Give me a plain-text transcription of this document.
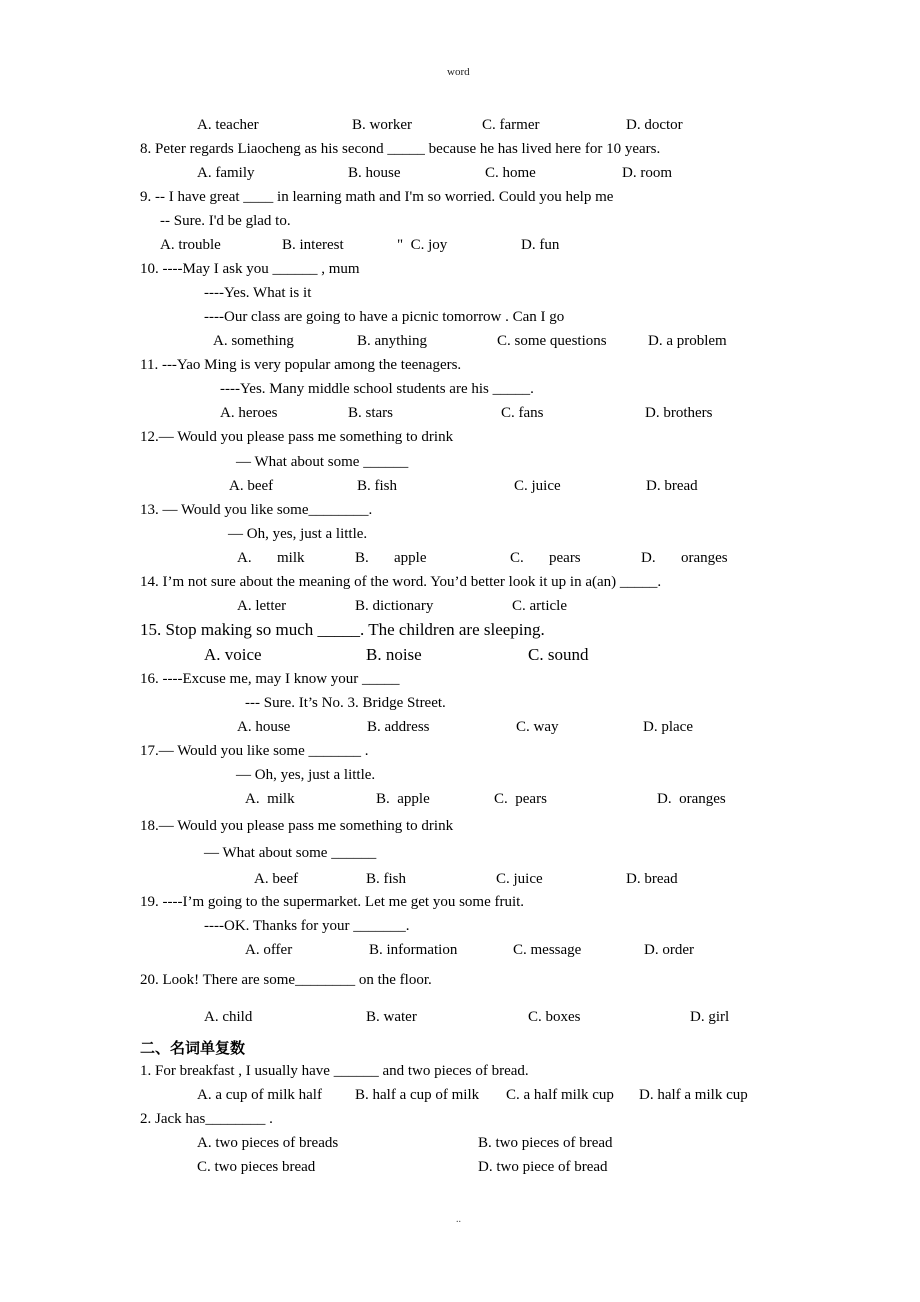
word
A. teacher	B. worker	C. farmer	D. doctor
8. Peter regards Liaocheng as his second _____ because he has lived here for 10 years.
A. family	B. house	C. home	D. room
9. -- I have great ____ in learning math and I'm so worried. Could you help me
-- Sure. I'd be glad to.
A. trouble	B. interest	"  C. joy	D. fun
10. ----May I ask you ______ , mum
----Yes. What is it
----Our class are going to have a picnic tomorrow . Can I go
A. something	B. anything	C. some questions	D. a problem
11. ---Yao Ming is very popular among the teenagers.
----Yes. Many middle school students are his _____.
A. heroes	B. stars	C. fans	D. brothers
12.— Would you please pass me something to drink
— What about some ______
A. beef	B. fish	C. juice	D. bread
13. — Would you like some________.
— Oh, yes, just a little.
A. milk	B. apple	C. pears	D. oranges
14. I’m not sure about the meaning of the word. You’d better look it up in a(an) _____.
A. letter	B. dictionary	C. article
15. Stop making so much _____. The children are sleeping.
A. voice	B. noise	C. sound
16. ----Excuse me, may I know your _____
--- Sure. It’s No. 3. Bridge Street.
A. house	B. address	C. way	D. place
17.— Would you like some _______ .
— Oh, yes, just a little.
A.  milk	B.  apple	C.  pears	D.  oranges
18.— Would you please pass me something to drink
— What about some ______
A. beef	B. fish	C. juice	D. bread
19. ----I’m going to the supermarket. Let me get you some fruit.
----OK. Thanks for your _______.
A. offer	B. information	C. message	D. order
20. Look! There are some________ on the floor.
A. child	B. water	C. boxes	D. girl
二、名词单复数
1. For breakfast , I usually have ______ and two pieces of bread.
A. a cup of milk half B. half a cup of milk C. a half milk cup D. half a milk cup
2. Jack has________ .
A. two pieces of breads	B. two pieces of bread
C. two pieces bread	D. two piece of bread
..
